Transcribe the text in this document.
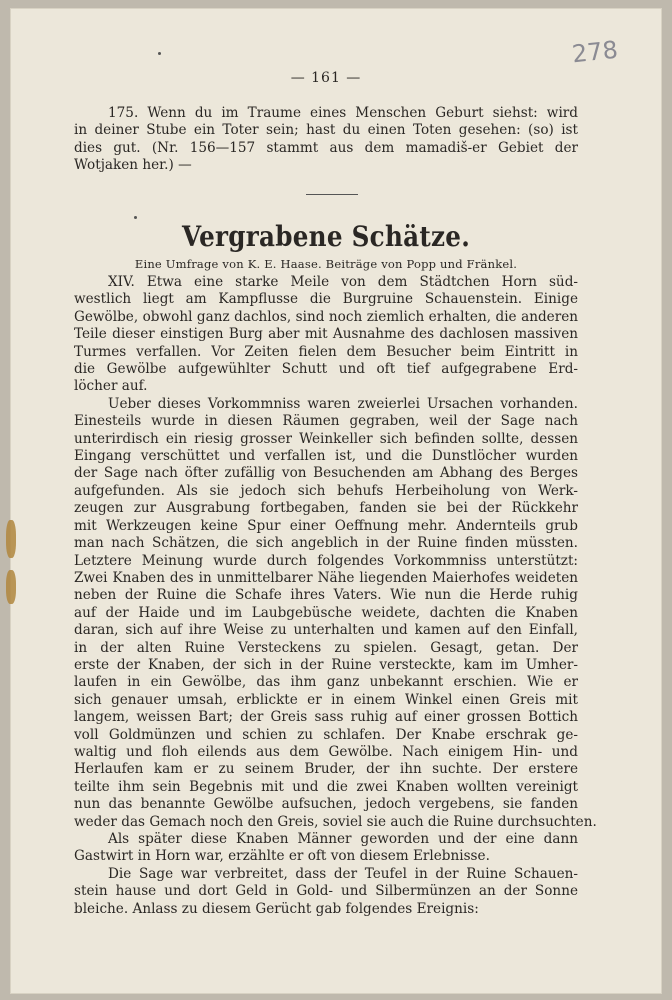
278
— 161 —

175. Wenn du im Traume eines Menschen Geburt siehst: wird
in deiner Stube ein Toter sein; hast du einen Toten gesehen: (so) ist
dies gut. (Nr. 156—157 stammt aus dem mamadiš-er Gebiet der
Wotjaken her.) —

Vergrabene Schätze.
Eine Umfrage von K. E. Haase. Beiträge von Popp und Fränkel.

XIV. Etwa eine starke Meile von dem Städtchen Horn süd-
westlich liegt am Kampflusse die Burgruine Schauenstein. Einige
Gewölbe, obwohl ganz dachlos, sind noch ziemlich erhalten, die anderen
Teile dieser einstigen Burg aber mit Ausnahme des dachlosen massiven
Turmes verfallen. Vor Zeiten fielen dem Besucher beim Eintritt in
die Gewölbe aufgewühlter Schutt und oft tief aufgegrabene Erd-
löcher auf.

Ueber dieses Vorkommniss waren zweierlei Ursachen vorhanden.
Einesteils wurde in diesen Räumen gegraben, weil der Sage nach
unterirdisch ein riesig grosser Weinkeller sich befinden sollte, dessen
Eingang verschüttet und verfallen ist, und die Dunstlöcher wurden
der Sage nach öfter zufällig von Besuchenden am Abhang des Berges
aufgefunden. Als sie jedoch sich behufs Herbeiholung von Werk-
zeugen zur Ausgrabung fortbegaben, fanden sie bei der Rückkehr
mit Werkzeugen keine Spur einer Oeffnung mehr. Andernteils grub
man nach Schätzen, die sich angeblich in der Ruine finden müssten.
Letztere Meinung wurde durch folgendes Vorkommniss unterstützt:
Zwei Knaben des in unmittelbarer Nähe liegenden Maierhofes weideten
neben der Ruine die Schafe ihres Vaters. Wie nun die Herde ruhig
auf der Haide und im Laubgebüsche weidete, dachten die Knaben
daran, sich auf ihre Weise zu unterhalten und kamen auf den Einfall,
in der alten Ruine Versteckens zu spielen. Gesagt, getan. Der
erste der Knaben, der sich in der Ruine versteckte, kam im Umher-
laufen in ein Gewölbe, das ihm ganz unbekannt erschien. Wie er
sich genauer umsah, erblickte er in einem Winkel einen Greis mit
langem, weissen Bart; der Greis sass ruhig auf einer grossen Bottich
voll Goldmünzen und schien zu schlafen. Der Knabe erschrak ge-
waltig und floh eilends aus dem Gewölbe. Nach einigem Hin- und
Herlaufen kam er zu seinem Bruder, der ihn suchte. Der erstere
teilte ihm sein Begebnis mit und die zwei Knaben wollten vereinigt
nun das benannte Gewölbe aufsuchen, jedoch vergebens, sie fanden
weder das Gemach noch den Greis, soviel sie auch die Ruine durchsuchten.

Als später diese Knaben Männer geworden und der eine dann
Gastwirt in Horn war, erzählte er oft von diesem Erlebnisse.

Die Sage war verbreitet, dass der Teufel in der Ruine Schauen-
stein hause und dort Geld in Gold- und Silbermünzen an der Sonne
bleiche. Anlass zu diesem Gerücht gab folgendes Ereignis:
